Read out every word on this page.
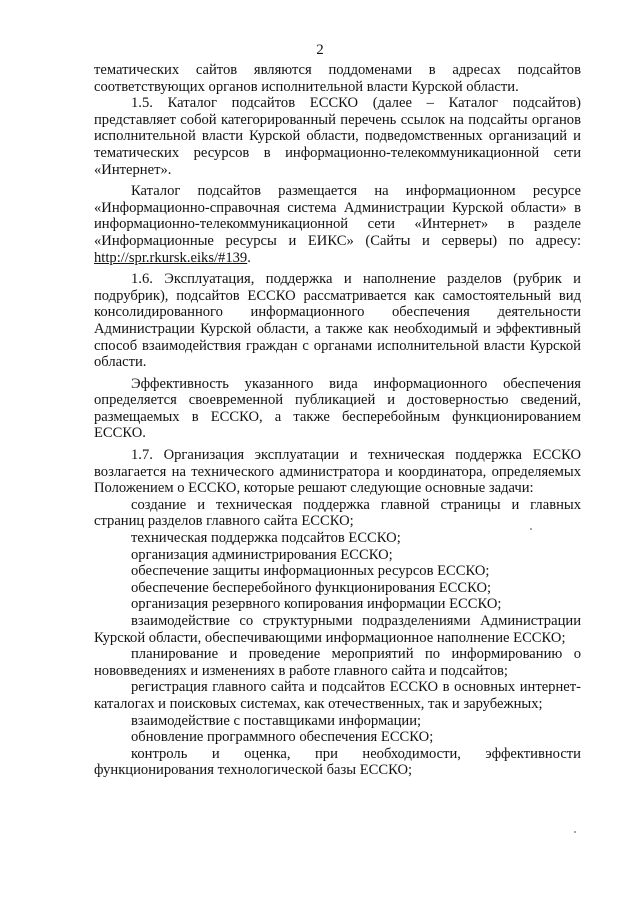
2

тематических сайтов являются поддоменами в адресах подсайтов соответствующих органов исполнительной власти Курской области.

1.5. Каталог подсайтов ЕССКО (далее – Каталог подсайтов) представляет собой категорированный перечень ссылок на подсайты органов исполнительной власти Курской области, подведомственных организаций и тематических ресурсов в информационно-телекоммуникационной сети «Интернет».

Каталог подсайтов размещается на информационном ресурсе «Информационно-справочная система Администрации Курской области» в информационно-телекоммуникационной сети «Интернет» в разделе «Информационные ресурсы и ЕИКС» (Сайты и серверы) по адресу: http://spr.rkursk.eiks/#139.

1.6. Эксплуатация, поддержка и наполнение разделов (рубрик и подрубрик), подсайтов ЕССКО рассматривается как самостоятельный вид консолидированного информационного обеспечения деятельности Администрации Курской области, а также как необходимый и эффективный способ взаимодействия граждан с органами исполнительной власти Курской области.

Эффективность указанного вида информационного обеспечения определяется своевременной публикацией и достоверностью сведений, размещаемых в ЕССКО, а также бесперебойным функционированием ЕССКО.

1.7. Организация эксплуатации и техническая поддержка ЕССКО возлагается на технического администратора и координатора, определяемых Положением о ЕССКО, которые решают следующие основные задачи:

создание и техническая поддержка главной страницы и главных страниц разделов главного сайта ЕССКО;

техническая поддержка подсайтов ЕССКО;

организация администрирования ЕССКО;

обеспечение защиты информационных ресурсов ЕССКО;

обеспечение бесперебойного функционирования ЕССКО;

организация резервного копирования информации ЕССКО;

взаимодействие со структурными подразделениями Администрации Курской области, обеспечивающими информационное наполнение ЕССКО;

планирование и проведение мероприятий по информированию о нововведениях и изменениях в работе главного сайта и подсайтов;

регистрация главного сайта и подсайтов ЕССКО в основных интернет-каталогах и поисковых системах, как отечественных, так и зарубежных;

взаимодействие с поставщиками информации;

обновление программного обеспечения ЕССКО;

контроль и оценка, при необходимости, эффективности функционирования технологической базы ЕССКО;
